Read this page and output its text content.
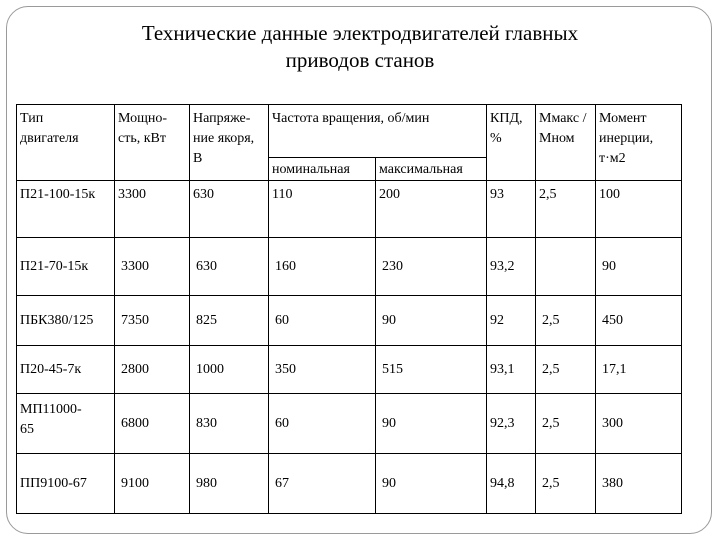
Технические данные электродвигателей главных
приводов станов
Тип двигателя	Мощно-сть, кВт	Напряже-ние якоря, В	Частота вращения, об/мин		КПД, %	Ммакс /Мном	Момент инерции, т·м2
			номинальная	максимальная			
П21-100-15к	3300	630	110	200	93	2,5	100
П21-70-15к	3300	630	160	230	93,2		90
ПБК380/125	7350	825	60	90	92	2,5	450
П20-45-7к	2800	1000	350	515	93,1	2,5	17,1
МП11000-65	6800	830	60	90	92,3	2,5	300
ПП9100-67	9100	980	67	90	94,8	2,5	380
